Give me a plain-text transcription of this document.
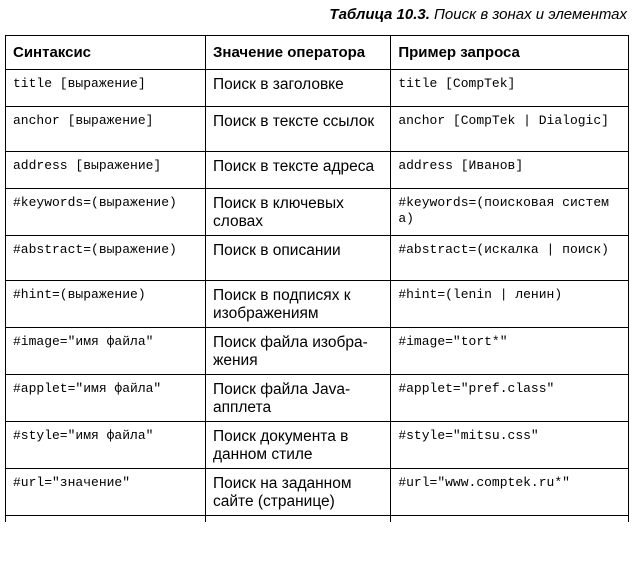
Таблица 10.3. Поиск в зонах и элементах
Синтаксис	Значение оператора	Пример запроса
title [выражение]	Поиск в заголовке	title [CompTek]
anchor [выражение]	Поиск в тексте ссылок	anchor [CompTek | Dialogic]
address [выражение]	Поиск в тексте адреса	address [Иванов]
#keywords=(выражение)	Поиск в ключевых словах	#keywords=(поисковая система)
#abstract=(выражение)	Поиск в описании	#abstract=(искалка | поиск)
#hint=(выражение)	Поиск в подписях к изображениям	#hint=(lenin | ленин)
#image="имя файла"	Поиск файла изобра-жения	#image="tort*"
#applet="имя файла"	Поиск файла Java-апплета	#applet="pref.class"
#style="имя файла"	Поиск документа в данном стиле	#style="mitsu.css"
#url="значение"	Поиск на заданном сайте (странице)	#url="www.comptek.ru*"
